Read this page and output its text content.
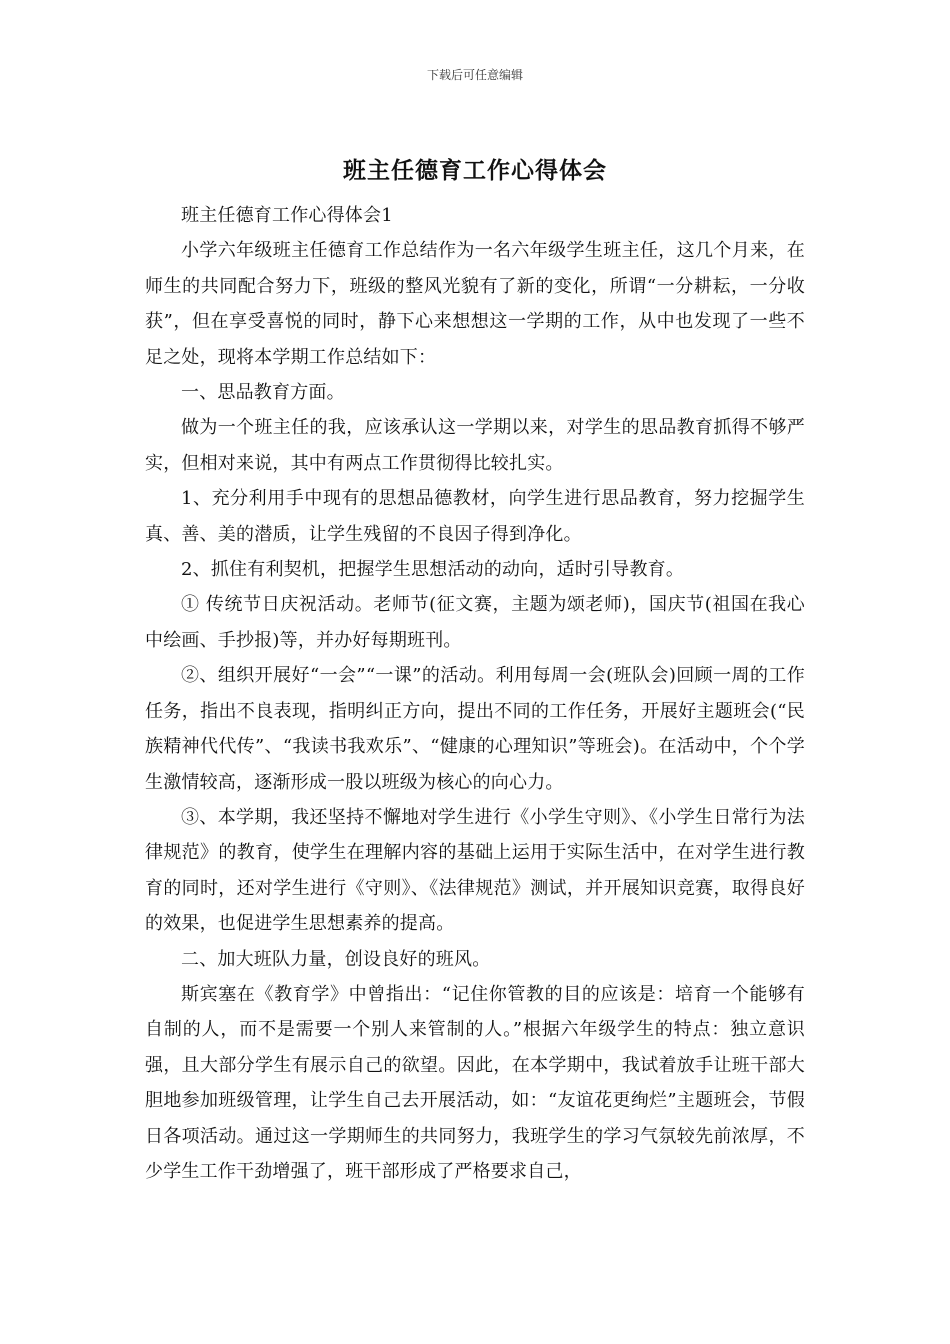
下载后可任意编辑
班主任德育工作心得体会

班主任德育工作心得体会1

小学六年级班主任德育工作总结作为一名六年级学生班主任，这几个月来，在师生的共同配合努力下，班级的整风光貌有了新的变化，所谓“一分耕耘，一分收获”，但在享受喜悦的同时，静下心来想想这一学期的工作，从中也发现了一些不足之处，现将本学期工作总结如下：

一、思品教育方面。

做为一个班主任的我，应该承认这一学期以来，对学生的思品教育抓得不够严实，但相对来说，其中有两点工作贯彻得比较扎实。

1、充分利用手中现有的思想品德教材，向学生进行思品教育，努力挖掘学生真、善、美的潜质，让学生残留的不良因子得到净化。

2、抓住有利契机，把握学生思想活动的动向，适时引导教育。

① 传统节日庆祝活动。老师节(征文赛，主题为颂老师)，国庆节(祖国在我心中绘画、手抄报)等，并办好每期班刊。

②、组织开展好“一会”“一课”的活动。利用每周一会(班队会)回顾一周的工作任务，指出不良表现，指明纠正方向，提出不同的工作任务，开展好主题班会(“民族精神代代传”、“我读书我欢乐”、“健康的心理知识”等班会)。在活动中，个个学生激情较高，逐渐形成一股以班级为核心的向心力。

③、本学期，我还坚持不懈地对学生进行《小学生守则》、《小学生日常行为法律规范》的教育，使学生在理解内容的基础上运用于实际生活中，在对学生进行教育的同时，还对学生进行《守则》、《法律规范》测试，并开展知识竞赛，取得良好的效果，也促进学生思想素养的提高。

二、加大班队力量，创设良好的班风。

斯宾塞在《教育学》中曾指出：“记住你管教的目的应该是：培育一个能够有自制的人，而不是需要一个别人来管制的人。”根据六年级学生的特点：独立意识强，且大部分学生有展示自己的欲望。因此，在本学期中，我试着放手让班干部大胆地参加班级管理，让学生自己去开展活动，如：“友谊花更绚烂”主题班会，节假日各项活动。通过这一学期师生的共同努力，我班学生的学习气氛较先前浓厚，不少学生工作干劲增强了，班干部形成了严格要求自己，
